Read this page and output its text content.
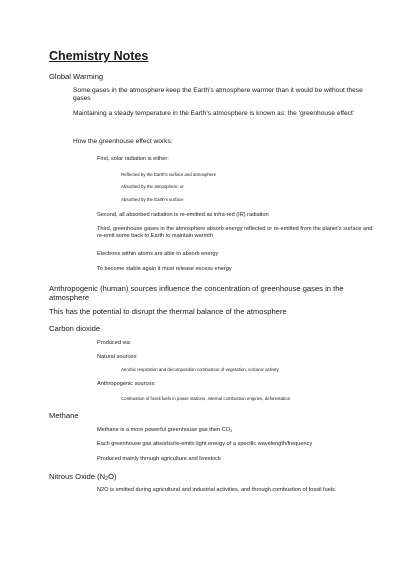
Chemistry Notes
Global Warming
Some gases in the atmosphere keep the Earth’s atmosphere warmer than it would be without these gases
Maintaining a steady temperature in the Earth’s atmosphere is known as: the ‘greenhouse effect’
How the greenhouse effect works:
First, solar radiation is either:
Reflected by the Earth’s surface and atmosphere
Absorbed by the atmosphere; or
Absorbed by the Earth’s surface
Second, all absorbed radiation is re-emitted as infra-red (IR) radiation
Third, greenhouse gases in the atmosphere absorb energy reflected or re-emitted from the planet’s surface and re-emit some back to Earth to maintain warmth
Electrons within atoms are able to absorb energy
To become stable again it must release excess energy
Anthropogenic (human) sources influence the concentration of greenhouse gases in the atmosphere
This has the potential to disrupt the thermal balance of the atmosphere
Carbon dioxide
Produced via:
Natural sources:
Aerobic respiration and decomposition combustion of vegetation, volcanic activity
Anthropogenic sources:
Combustion of fossil fuels in power stations, internal combustion engines, deforestation
Methane
Methane is a more powerful greenhouse gas then $CO_2$
Each greenhouse gas absorbs/re-emits light energy of a specific wavelength/frequency
Produced mainly through agriculture and livestock
Nitrous Oxide $(N_2O)$
N2O is emitted during agricultural and industrial activities, and through combustion of fossil fuels.
